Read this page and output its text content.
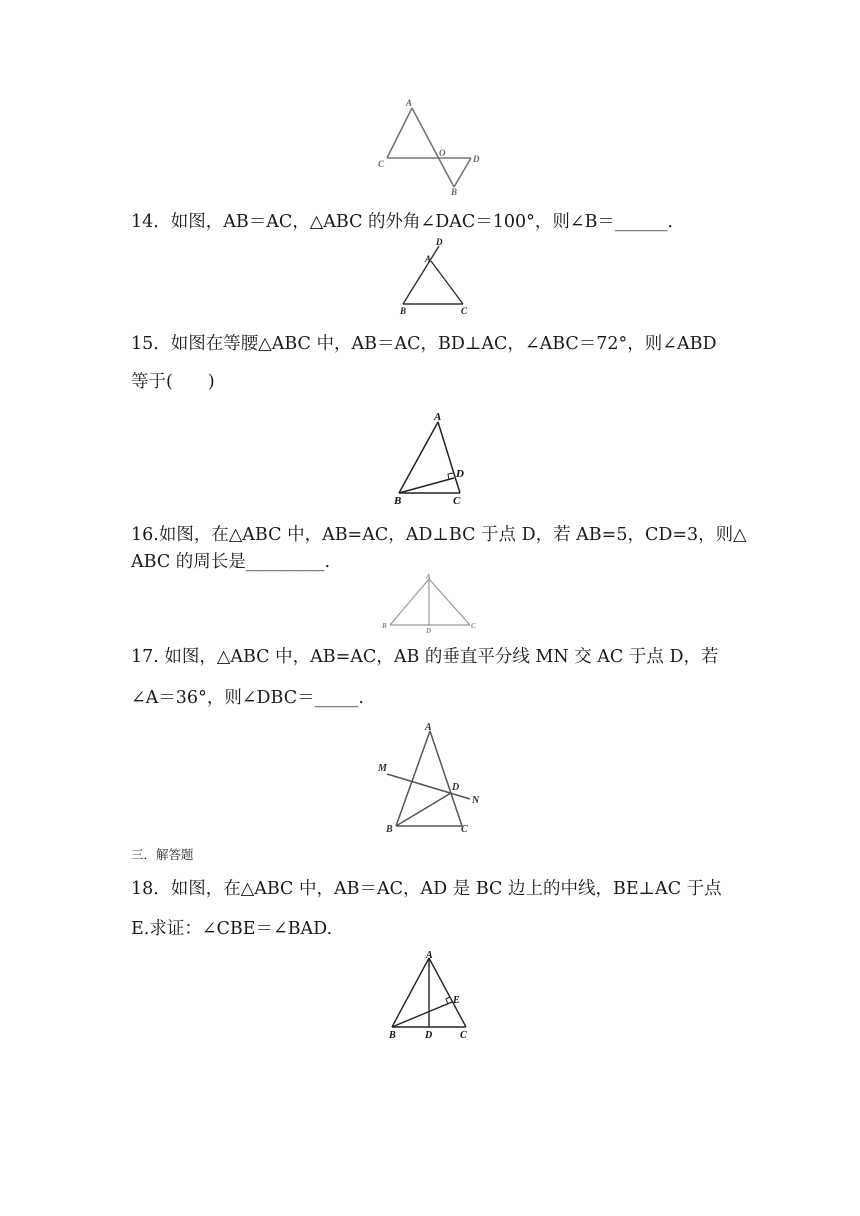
A
C
O
D
B
14．如图，AB＝AC，△ABC 的外角∠DAC＝100°，则∠B＝______.
D
A
B	C
15．如图在等腰△ABC 中，AB＝AC，BD⊥AC，∠ABC＝72°，则∠ABD
等于(　　)
A
D
B	C
16.如图，在△ABC 中，AB=AC，AD⊥BC 于点 D，若 AB=5，CD=3，则△
ABC 的周长是_________.
A
B
D
C
17. 如图，△ABC 中，AB=AC，AB 的垂直平分线 MN 交 AC 于点 D，若
∠A＝36°，则∠DBC＝_____.
A
M
D
N
B	C
三．解答题
18．如图，在△ABC 中，AB＝AC，AD 是 BC 边上的中线，BE⊥AC 于点
E.求证：∠CBE＝∠BAD.
A
E
B	D	C
